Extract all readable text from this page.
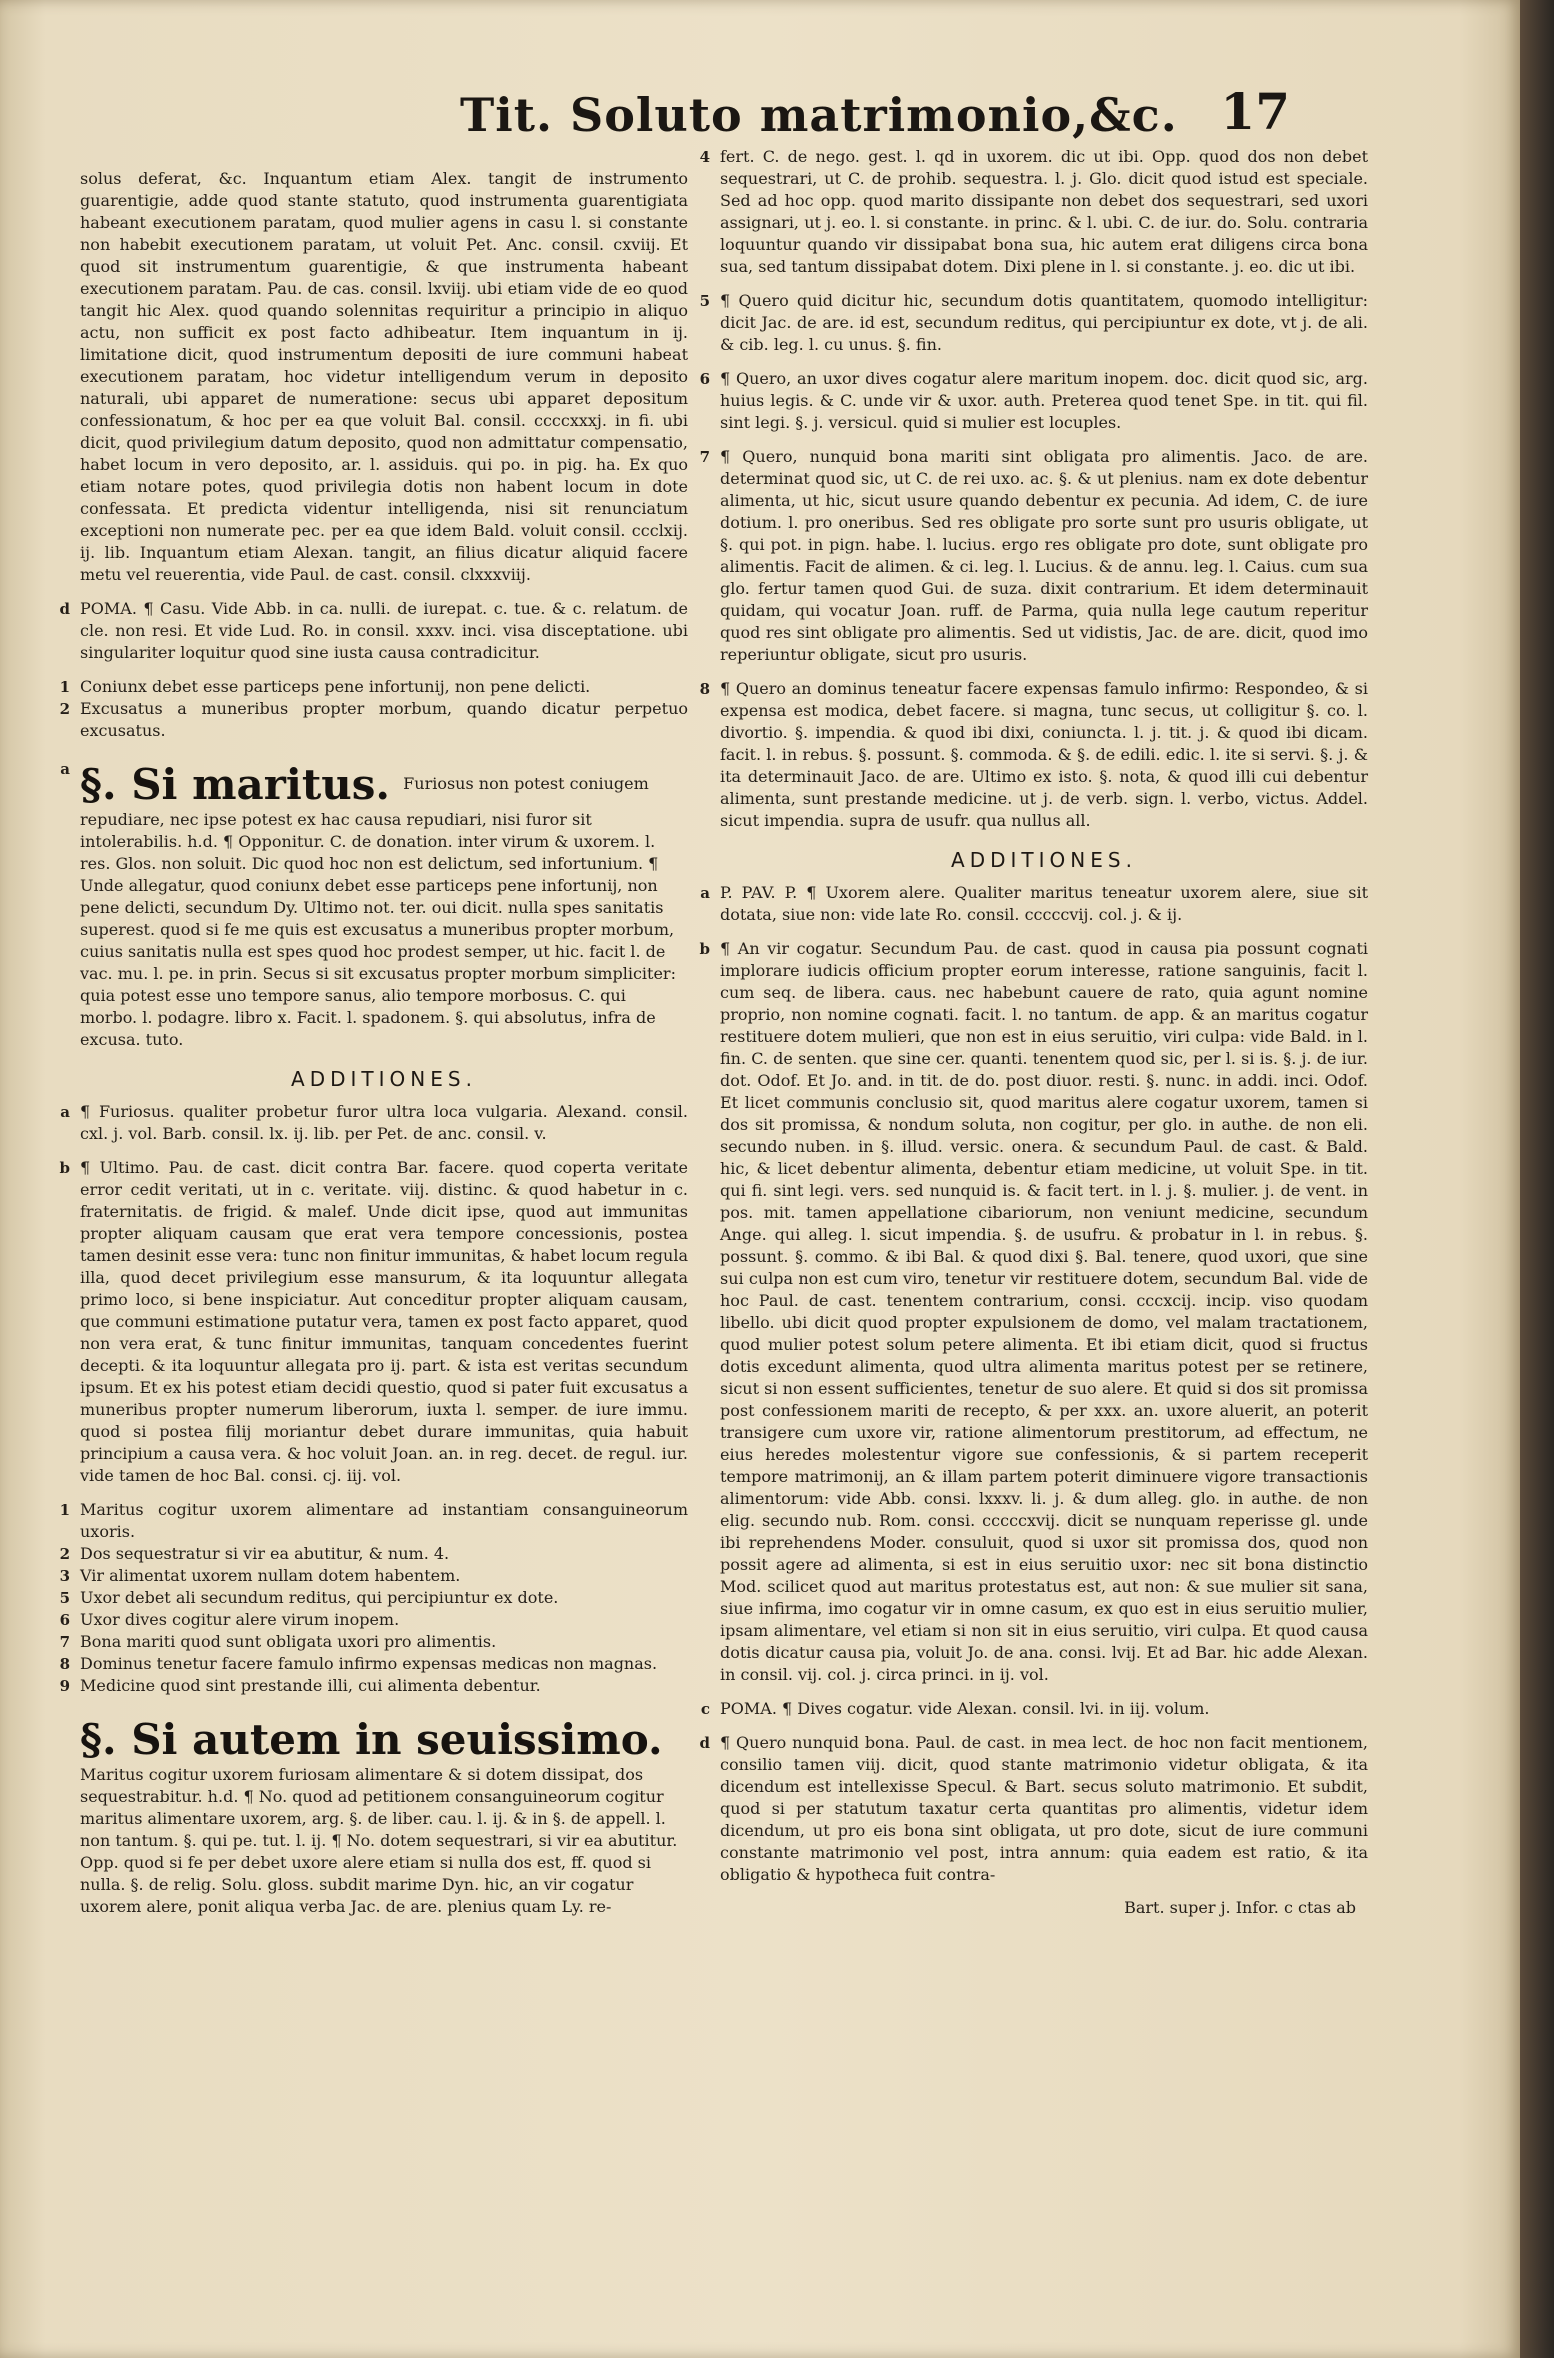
Tit. Soluto matrimonio,&c. 17

solus deferat, &c. Inquantum etiam Alex. tangit de instrumento guarentigie, adde quod stante statuto, quod instrumenta guarentigiata habeant executionem paratam, quod mulier agens in casu l. si constante non habebit executionem paratam, ut voluit Pet. Anc. consil. cxviij. Et quod sit instrumentum guarentigie, & que instrumenta habeant executionem paratam. Pau. de cas. consil. lxviij. ubi etiam vide de eo quod tangit hic Alex. quod quando solennitas requiritur a principio in aliquo actu, non sufficit ex post facto adhibeatur. Item inquantum in ij. limitatione dicit, quod instrumentum depositi de iure communi habeat executionem paratam, hoc videtur intelligendum verum in deposito naturali, ubi apparet de numeratione: secus ubi apparet depositum confessionatum, & hoc per ea que voluit Bal. consil. ccccxxxj. in fi. ubi dicit, quod privilegium datum deposito, quod non admittatur compensatio, habet locum in vero deposito, ar. l. assiduis. qui po. in pig. ha. Ex quo etiam notare potes, quod privilegia dotis non habent locum in dote confessata. Et predicta videntur intelligenda, nisi sit renunciatum exceptioni non numerate pec. per ea que idem Bald. voluit consil. ccclxij. ij. lib. Inquantum etiam Alexan. tangit, an filius dicatur aliquid facere metu vel reuerentia, vide Paul. de cast. consil. clxxxviij.

d POMA. ¶ Casu. Vide Abb. in ca. nulli. de iurepat. c. tue. & c. relatum. de cle. non resi. Et vide Lud. Ro. in consil. xxxv. inci. visa disceptatione. ubi singulariter loquitur quod sine iusta causa contradicitur.

1 Coniunx debet esse particeps pene infortunij, non pene delicti.

2 Excusatus a muneribus propter morbum, quando dicatur perpetuo excusatus.

a §. Si maritus. Furiosus non potest coniugem repudiare, nec ipse potest ex hac causa repudiari, nisi furor sit intolerabilis. h.d. ¶ Opponitur. C. de donation. inter virum & uxorem. l. res. Glos. non soluit. Dic quod hoc non est delictum, sed infortunium. ¶ Unde allegatur, quod coniunx debet esse particeps pene infortunij, non pene delicti, secundum Dy. Ultimo not. ter. oui dicit. nulla spes sanitatis superest. quod si fe me quis est excusatus a muneribus propter morbum, cuius sanitatis nulla est spes quod hoc prodest semper, ut hic. facit l. de vac. mu. l. pe. in prin. Secus si sit excusatus propter morbum simpliciter: quia potest esse uno tempore sanus, alio tempore morbosus. C. qui morbo. l. podagre. libro x. Facit. l. spadonem. §. qui absolutus, infra de excusa. tuto.
ADDITIONES.

a ¶ Furiosus. qualiter probetur furor ultra loca vulgaria. Alexand. consil. cxl. j. vol. Barb. consil. lx. ij. lib. per Pet. de anc. consil. v.

b ¶ Ultimo. Pau. de cast. dicit contra Bar. facere. quod coperta veritate error cedit veritati, ut in c. veritate. viij. distinc. & quod habetur in c. fraternitatis. de frigid. & malef. Unde dicit ipse, quod aut immunitas propter aliquam causam que erat vera tempore concessionis, postea tamen desinit esse vera: tunc non finitur immunitas, & habet locum regula illa, quod decet privilegium esse mansurum, & ita loquuntur allegata primo loco, si bene inspiciatur. Aut conceditur propter aliquam causam, que communi estimatione putatur vera, tamen ex post facto apparet, quod non vera erat, & tunc finitur immunitas, tanquam concedentes fuerint decepti. & ita loquuntur allegata pro ij. part. & ista est veritas secundum ipsum. Et ex his potest etiam decidi questio, quod si pater fuit excusatus a muneribus propter numerum liberorum, iuxta l. semper. de iure immu. quod si postea filij moriantur debet durare immunitas, quia habuit principium a causa vera. & hoc voluit Joan. an. in reg. decet. de regul. iur. vide tamen de hoc Bal. consi. cj. iij. vol.

1 Maritus cogitur uxorem alimentare ad instantiam consanguineorum uxoris.

2 Dos sequestratur si vir ea abutitur, & num. 4.

3 Vir alimentat uxorem nullam dotem habentem.

5 Uxor debet ali secundum reditus, qui percipiuntur ex dote.

6 Uxor dives cogitur alere virum inopem.

7 Bona mariti quod sunt obligata uxori pro alimentis.

8 Dominus tenetur facere famulo infirmo expensas medicas non magnas.

9 Medicine quod sint prestande illi, cui alimenta debentur.

§. Si autem in seuissimo. Maritus cogitur uxorem furiosam alimentare & si dotem dissipat, dos sequestrabitur. h.d. ¶ No. quod ad petitionem consanguineorum cogitur maritus alimentare uxorem, arg. §. de liber. cau. l. ij. & in §. de appell. l. non tantum. §. qui pe. tut. l. ij. ¶ No. dotem sequestrari, si vir ea abutitur. Opp. quod si fe per debet uxore alere etiam si nulla dos est, ff. quod si nulla. §. de relig. Solu. gloss. subdit marime Dyn. hic, an vir cogatur uxorem alere, ponit aliqua verba Jac. de are. plenius quam Ly. re-

4 fert. C. de nego. gest. l. qd in uxorem. dic ut ibi. Opp. quod dos non debet sequestrari, ut C. de prohib. sequestra. l. j. Glo. dicit quod istud est speciale. Sed ad hoc opp. quod marito dissipante non debet dos sequestrari, sed uxori assignari, ut j. eo. l. si constante. in princ. & l. ubi. C. de iur. do. Solu. contraria loquuntur quando vir dissipabat bona sua, hic autem erat diligens circa bona sua, sed tantum dissipabat dotem. Dixi plene in l. si constante. j. eo. dic ut ibi.

5 ¶ Quero quid dicitur hic, secundum dotis quantitatem, quomodo intelligitur: dicit Jac. de are. id est, secundum reditus, qui percipiuntur ex dote, vt j. de ali. & cib. leg. l. cu unus. §. fin.

6 ¶ Quero, an uxor dives cogatur alere maritum inopem. doc. dicit quod sic, arg. huius legis. & C. unde vir & uxor. auth. Preterea quod tenet Spe. in tit. qui fil. sint legi. §. j. versicul. quid si mulier est locuples.

7 ¶ Quero, nunquid bona mariti sint obligata pro alimentis. Jaco. de are. determinat quod sic, ut C. de rei uxo. ac. §. & ut plenius. nam ex dote debentur alimenta, ut hic, sicut usure quando debentur ex pecunia. Ad idem, C. de iure dotium. l. pro oneribus. Sed res obligate pro sorte sunt pro usuris obligate, ut §. qui pot. in pign. habe. l. lucius. ergo res obligate pro dote, sunt obligate pro alimentis. Facit de alimen. & ci. leg. l. Lucius. & de annu. leg. l. Caius. cum sua glo. fertur tamen quod Gui. de suza. dixit contrarium. Et idem determinauit quidam, qui vocatur Joan. ruff. de Parma, quia nulla lege cautum reperitur quod res sint obligate pro alimentis. Sed ut vidistis, Jac. de are. dicit, quod imo reperiuntur obligate, sicut pro usuris.

8 ¶ Quero an dominus teneatur facere expensas famulo infirmo: Respondeo, & si expensa est modica, debet facere. si magna, tunc secus, ut colligitur §. co. l. divortio. §. impendia. & quod ibi dixi, coniuncta. l. j. tit. j. & quod ibi dicam. facit. l. in rebus. §. possunt. §. commoda. & §. de edili. edic. l. ite si servi. §. j. & ita determinauit Jaco. de are. Ultimo ex isto. §. nota, & quod illi cui debentur alimenta, sunt prestande medicine. ut j. de verb. sign. l. verbo, victus. Addel. sicut impendia. supra de usufr. qua nullus all.

ADDITIONES.

a P. PAV. P. ¶ Uxorem alere. Qualiter maritus teneatur uxorem alere, siue sit dotata, siue non: vide late Ro. consil. cccccvij. col. j. & ij.

b ¶ An vir cogatur. Secundum Pau. de cast. quod in causa pia possunt cognati implorare iudicis officium propter eorum interesse, ratione sanguinis, facit l. cum seq. de libera. caus. nec habebunt cauere de rato, quia agunt nomine proprio, non nomine cognati. facit. l. no tantum. de app. & an maritus cogatur restituere dotem mulieri, que non est in eius seruitio, viri culpa: vide Bald. in l. fin. C. de senten. que sine cer. quanti. tenentem quod sic, per l. si is. §. j. de iur. dot. Odof. Et Jo. and. in tit. de do. post diuor. resti. §. nunc. in addi. inci. Odof. Et licet communis conclusio sit, quod maritus alere cogatur uxorem, tamen si dos sit promissa, & nondum soluta, non cogitur, per glo. in authe. de non eli. secundo nuben. in §. illud. versic. onera. & secundum Paul. de cast. & Bald. hic, & licet debentur alimenta, debentur etiam medicine, ut voluit Spe. in tit. qui fi. sint legi. vers. sed nunquid is. & facit tert. in l. j. §. mulier. j. de vent. in pos. mit. tamen appellatione cibariorum, non veniunt medicine, secundum Ange. qui alleg. l. sicut impendia. §. de usufru. & probatur in l. in rebus. §. possunt. §. commo. & ibi Bal. & quod dixi §. Bal. tenere, quod uxori, que sine sui culpa non est cum viro, tenetur vir restituere dotem, secundum Bal. vide de hoc Paul. de cast. tenentem contrarium, consi. cccxcij. incip. viso quodam libello. ubi dicit quod propter expulsionem de domo, vel malam tractationem, quod mulier potest solum petere alimenta. Et ibi etiam dicit, quod si fructus dotis excedunt alimenta, quod ultra alimenta maritus potest per se retinere, sicut si non essent sufficientes, tenetur de suo alere. Et quid si dos sit promissa post confessionem mariti de recepto, & per xxx. an. uxore aluerit, an poterit transigere cum uxore vir, ratione alimentorum prestitorum, ad effectum, ne eius heredes molestentur vigore sue confessionis, & si partem receperit tempore matrimonij, an & illam partem poterit diminuere vigore transactionis alimentorum: vide Abb. consi. lxxxv. li. j. & dum alleg. glo. in authe. de non elig. secundo nub. Rom. consi. cccccxvij. dicit se nunquam reperisse gl. unde ibi reprehendens Moder. consuluit, quod si uxor sit promissa dos, quod non possit agere ad alimenta, si est in eius seruitio uxor: nec sit bona distinctio Mod. scilicet quod aut maritus protestatus est, aut non: & sue mulier sit sana, siue infirma, imo cogatur vir in omne casum, ex quo est in eius seruitio mulier, ipsam alimentare, vel etiam si non sit in eius seruitio, viri culpa. Et quod causa dotis dicatur causa pia, voluit Jo. de ana. consi. lvij. Et ad Bar. hic adde Alexan. in consil. vij. col. j. circa princi. in ij. vol.

c POMA. ¶ Dives cogatur. vide Alexan. consil. lvi. in iij. volum.

d ¶ Quero nunquid bona. Paul. de cast. in mea lect. de hoc non facit mentionem, consilio tamen viij. dicit, quod stante matrimonio videtur obligata, & ita dicendum est intellexisse Specul. & Bart. secus soluto matrimonio. Et subdit, quod si per statutum taxatur certa quantitas pro alimentis, videtur idem dicendum, ut pro eis bona sint obligata, ut pro dote, sicut de iure communi constante matrimonio vel post, intra annum: quia eadem est ratio, & ita obligatio & hypotheca fuit contra-

Bart. super j. Infor. c ctas ab
